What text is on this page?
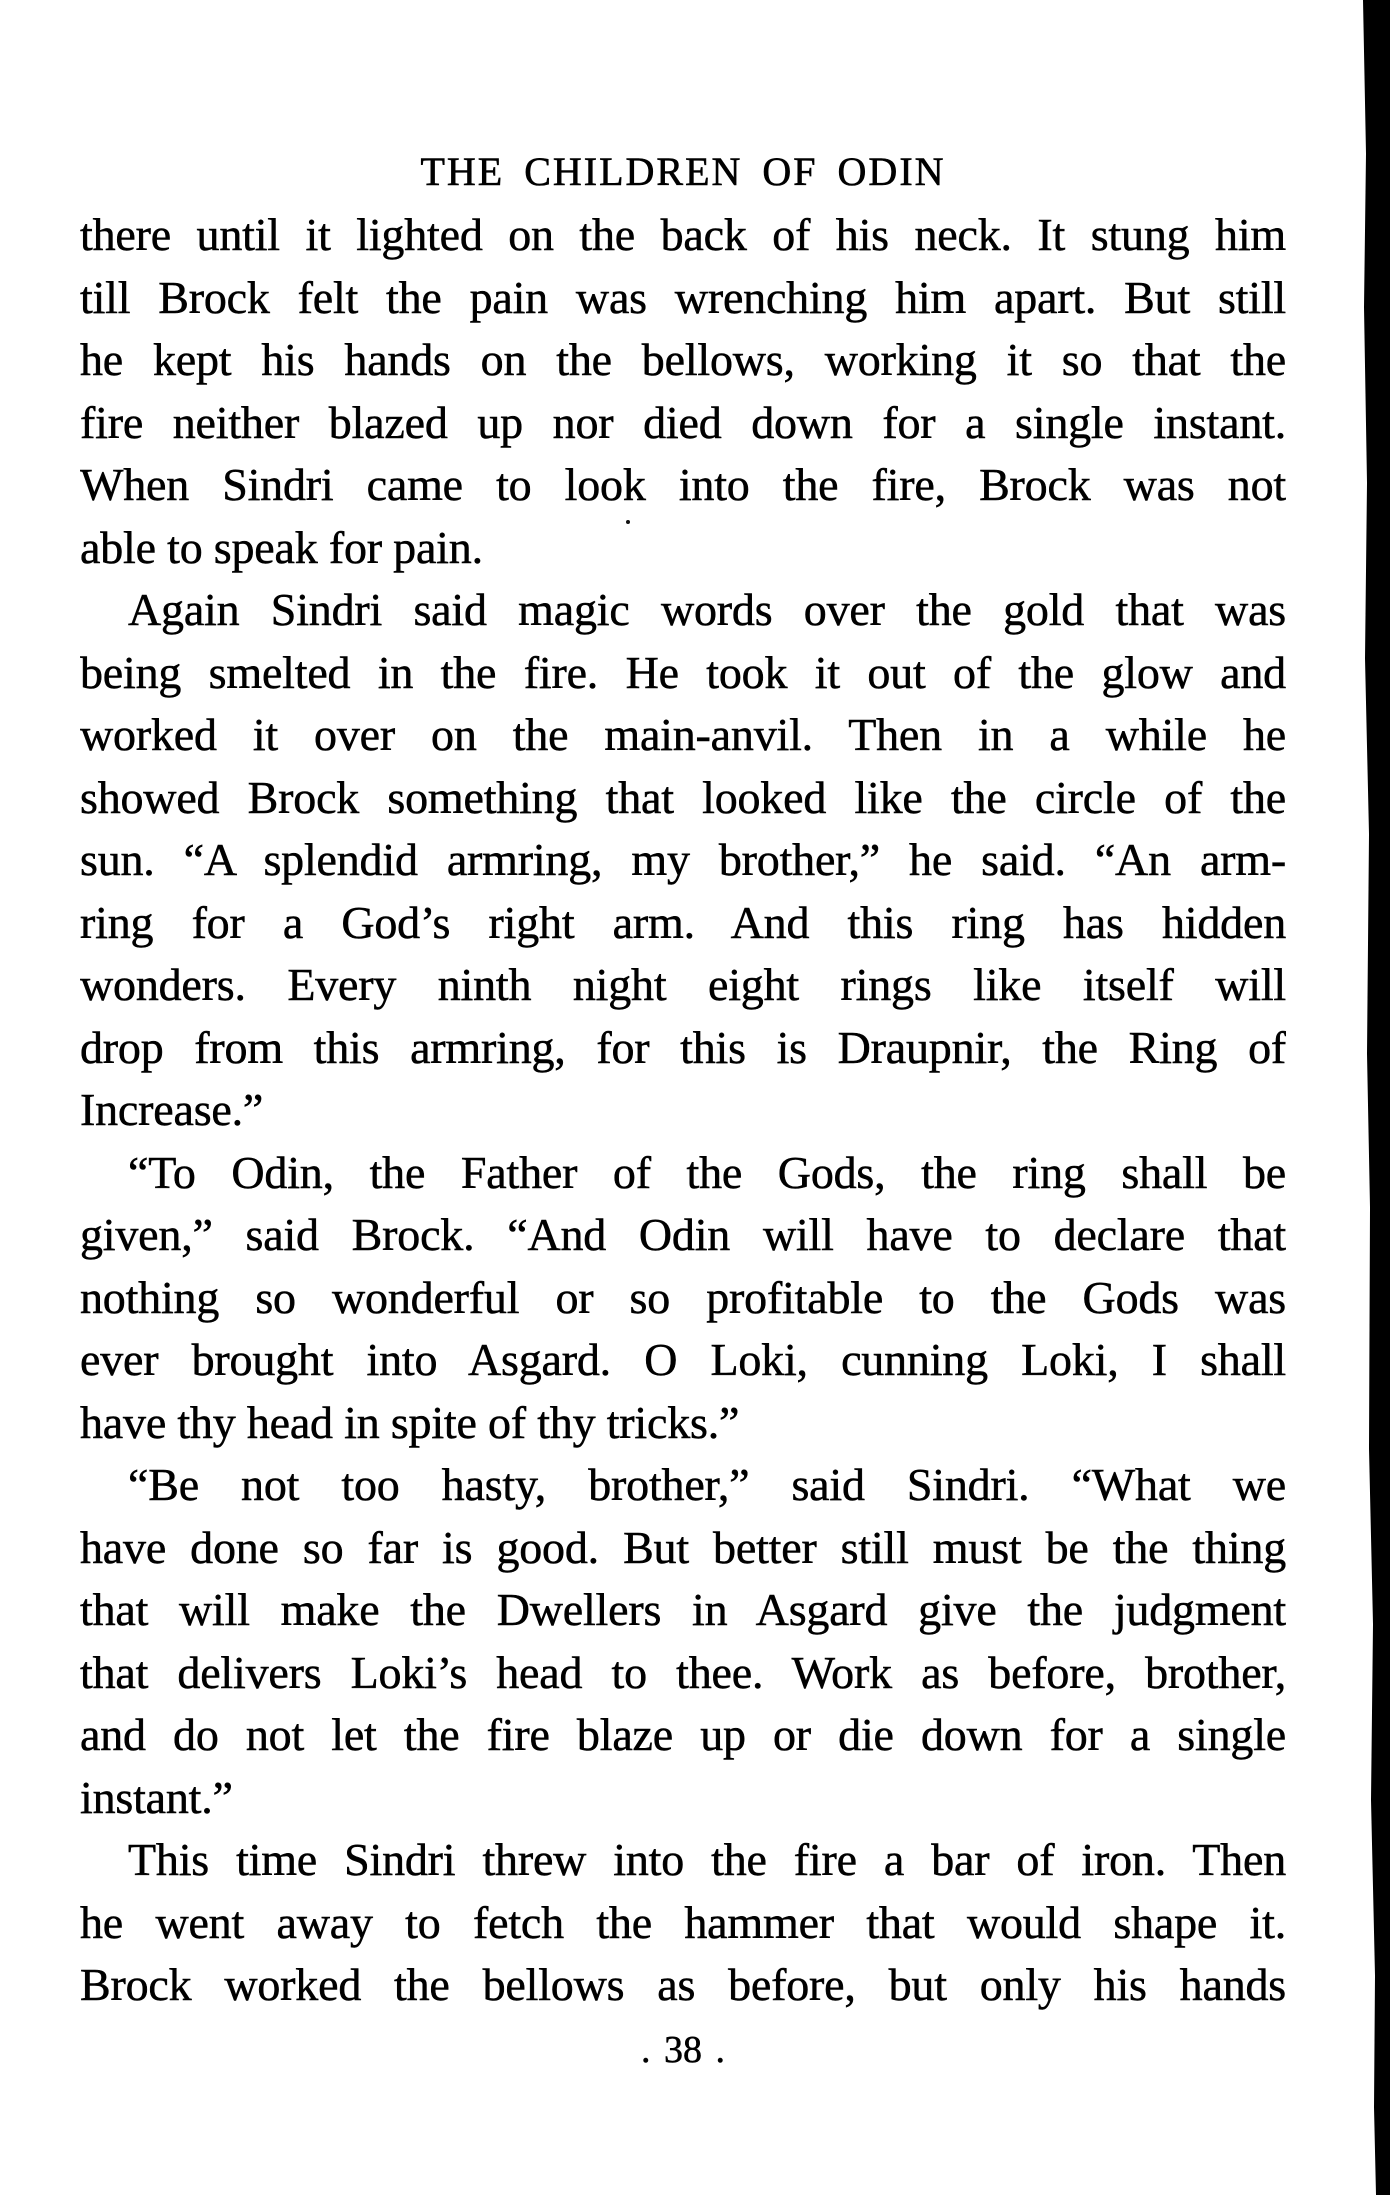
THE CHILDREN OF ODIN
there until it lighted on the back of his neck. It stung him
till Brock felt the pain was wrenching him apart. But still
he kept his hands on the bellows, working it so that the
fire neither blazed up nor died down for a single instant.
When Sindri came to look into the fire, Brock was not
able to speak for pain.
Again Sindri said magic words over the gold that was
being smelted in the fire. He took it out of the glow and
worked it over on the main-anvil. Then in a while he
showed Brock something that looked like the circle of the
sun. “A splendid armring, my brother,” he said. “An arm-
ring for a God’s right arm. And this ring has hidden
wonders. Every ninth night eight rings like itself will
drop from this armring, for this is Draupnir, the Ring of
Increase.”
“To Odin, the Father of the Gods, the ring shall be
given,” said Brock. “And Odin will have to declare that
nothing so wonderful or so profitable to the Gods was
ever brought into Asgard. O Loki, cunning Loki, I shall
have thy head in spite of thy tricks.”
“Be not too hasty, brother,” said Sindri. “What we
have done so far is good. But better still must be the thing
that will make the Dwellers in Asgard give the judgment
that delivers Loki’s head to thee. Work as before, brother,
and do not let the fire blaze up or die down for a single
instant.”
This time Sindri threw into the fire a bar of iron. Then
he went away to fetch the hammer that would shape it.
Brock worked the bellows as before, but only his hands
. 38 .
